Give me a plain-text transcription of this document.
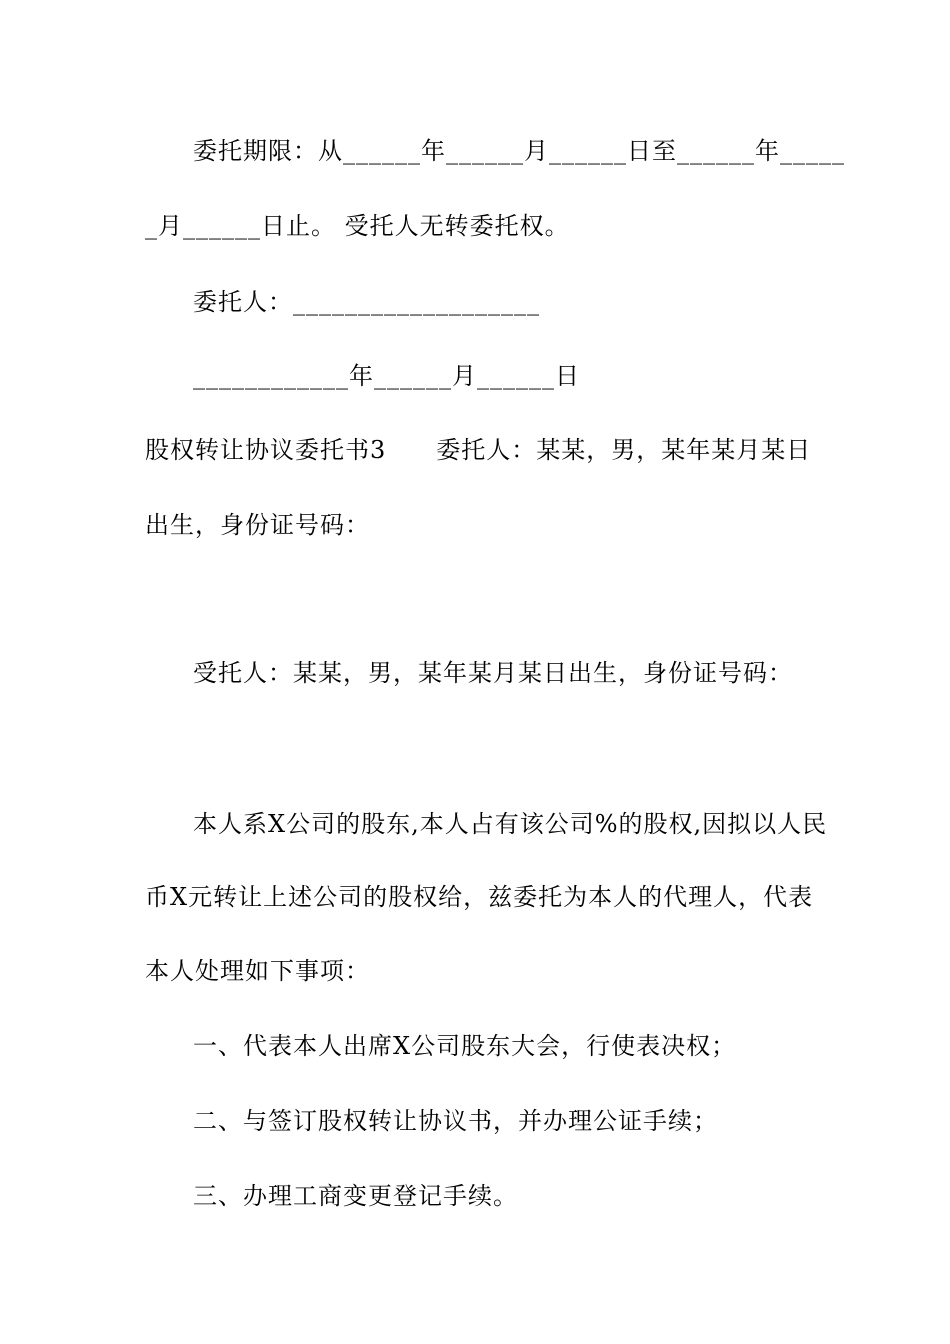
委托期限：从______年______月______日至______年_____
_月______日止。 受托人无转委托权。
委托人：___________________
____________年______月______日
股权转让协议委托书3　　委托人：某某，男，某年某月某日
出生，身份证号码：
受托人：某某，男，某年某月某日出生，身份证号码：
本人系X公司的股东,本人占有该公司%的股权,因拟以人民
币X元转让上述公司的股权给，兹委托为本人的代理人，代表
本人处理如下事项：
一、代表本人出席X公司股东大会，行使表决权；
二、与签订股权转让协议书，并办理公证手续；
三、办理工商变更登记手续。
